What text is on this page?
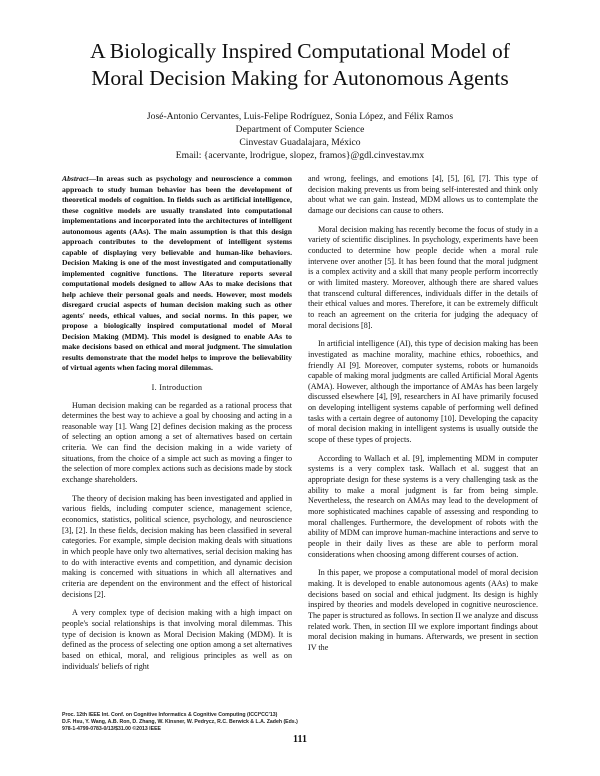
A Biologically Inspired Computational Model of Moral Decision Making for Autonomous Agents
José-Antonio Cervantes, Luis-Felipe Rodríguez, Sonia López, and Félix Ramos
Department of Computer Science
Cinvestav Guadalajara, México
Email: {acervante, lrodrigue, slopez, framos}@gdl.cinvestav.mx
Abstract—In areas such as psychology and neuroscience a common approach to study human behavior has been the development of theoretical models of cognition. In fields such as artificial intelligence, these cognitive models are usually translated into computational implementations and incorporated into the architectures of intelligent autonomous agents (AAs). The main assumption is that this design approach contributes to the development of intelligent systems capable of displaying very believable and human-like behaviors. Decision Making is one of the most investigated and computationally implemented cognitive functions. The literature reports several computational models designed to allow AAs to make decisions that help achieve their personal goals and needs. However, most models disregard crucial aspects of human decision making such as other agents' needs, ethical values, and social norms. In this paper, we propose a biologically inspired computational model of Moral Decision Making (MDM). This model is designed to enable AAs to make decisions based on ethical and moral judgment. The simulation results demonstrate that the model helps to improve the believability of virtual agents when facing moral dilemmas.
I. Introduction

Human decision making can be regarded as a rational process that determines the best way to achieve a goal by choosing and acting in a reasonable way [1]. Wang [2] defines decision making as the process of selecting an option among a set of alternatives based on certain criteria. We can find the decision making in a wide variety of situations, from the choice of a simple act such as moving a finger to the selection of more complex actions such as decisions made by stock exchange shareholders.

The theory of decision making has been investigated and applied in various fields, including computer science, management science, economics, statistics, political science, psychology, and neuroscience [3], [2]. In these fields, decision making has been classified in several categories. For example, simple decision making deals with situations in which people have only two alternatives, serial decision making has to do with interactive events and competition, and dynamic decision making is concerned with situations in which all alternatives and criteria are dependent on the environment and the effect of historical decisions [2].

A very complex type of decision making with a high impact on people's social relationships is that involving moral dilemmas. This type of decision is known as Moral Decision Making (MDM). It is defined as the process of selecting one option among a set alternatives based on ethical, moral, and religious principles as well as on individuals' beliefs of right

and wrong, feelings, and emotions [4], [5], [6], [7]. This type of decision making prevents us from being self-interested and think only about what we can gain. Instead, MDM allows us to contemplate the damage our decisions can cause to others.

Moral decision making has recently become the focus of study in a variety of scientific disciplines. In psychology, experiments have been conducted to determine how people decide when a moral rule intervene over another [5]. It has been found that the moral judgment is a complex activity and a skill that many people perform incorrectly or with limited mastery. Moreover, although there are shared values that transcend cultural differences, individuals differ in the details of their ethical values and mores. Therefore, it can be extremely difficult to reach an agreement on the criteria for judging the adequacy of moral decisions [8].

In artificial intelligence (AI), this type of decision making has been investigated as machine morality, machine ethics, roboethics, and friendly AI [9]. Moreover, computer systems, robots or humanoids capable of making moral judgments are called Artificial Moral Agents (AMA). However, although the importance of AMAs has been largely discussed elsewhere [4], [9], researchers in AI have primarily focused on developing intelligent systems capable of performing well defined tasks with a certain degree of autonomy [10]. Developing the capacity of moral decision making in intelligent systems is usually outside the scope of these types of projects.

According to Wallach et al. [9], implementing MDM in computer systems is a very complex task. Wallach et al. suggest that an appropriate design for these systems is a very challenging task as the ability to make a moral judgment is far from being simple. Nevertheless, the research on AMAs may lead to the development of more sophisticated machines capable of assessing and responding to moral challenges. Furthermore, the development of robots with the ability of MDM can improve human-machine interactions and serve to people in their daily lives as these are able to perform moral considerations when choosing among different courses of action.

In this paper, we propose a computational model of moral decision making. It is developed to enable autonomous agents (AAs) to make decisions based on social and ethical judgment. Its design is highly inspired by theories and models developed in cognitive neuroscience. The paper is structured as follows. In section II we analyze and discuss related work. Then, in section III we explore important findings about moral decision making in humans. Afterwards, we present in section IV the

Proc. 12th IEEE Int. Conf. on Cognitive Informatics & Cognitive Computing (ICCI*CC'13)
D.F. Hsu, Y. Wang, A.B. Ron, D. Zhang, W. Kinsner, W. Pedrycz, R.C. Berwick & L.A. Zadeh (Eds.)
978-1-4799-0783-0/13/$31.00 ©2013 IEEE
111
